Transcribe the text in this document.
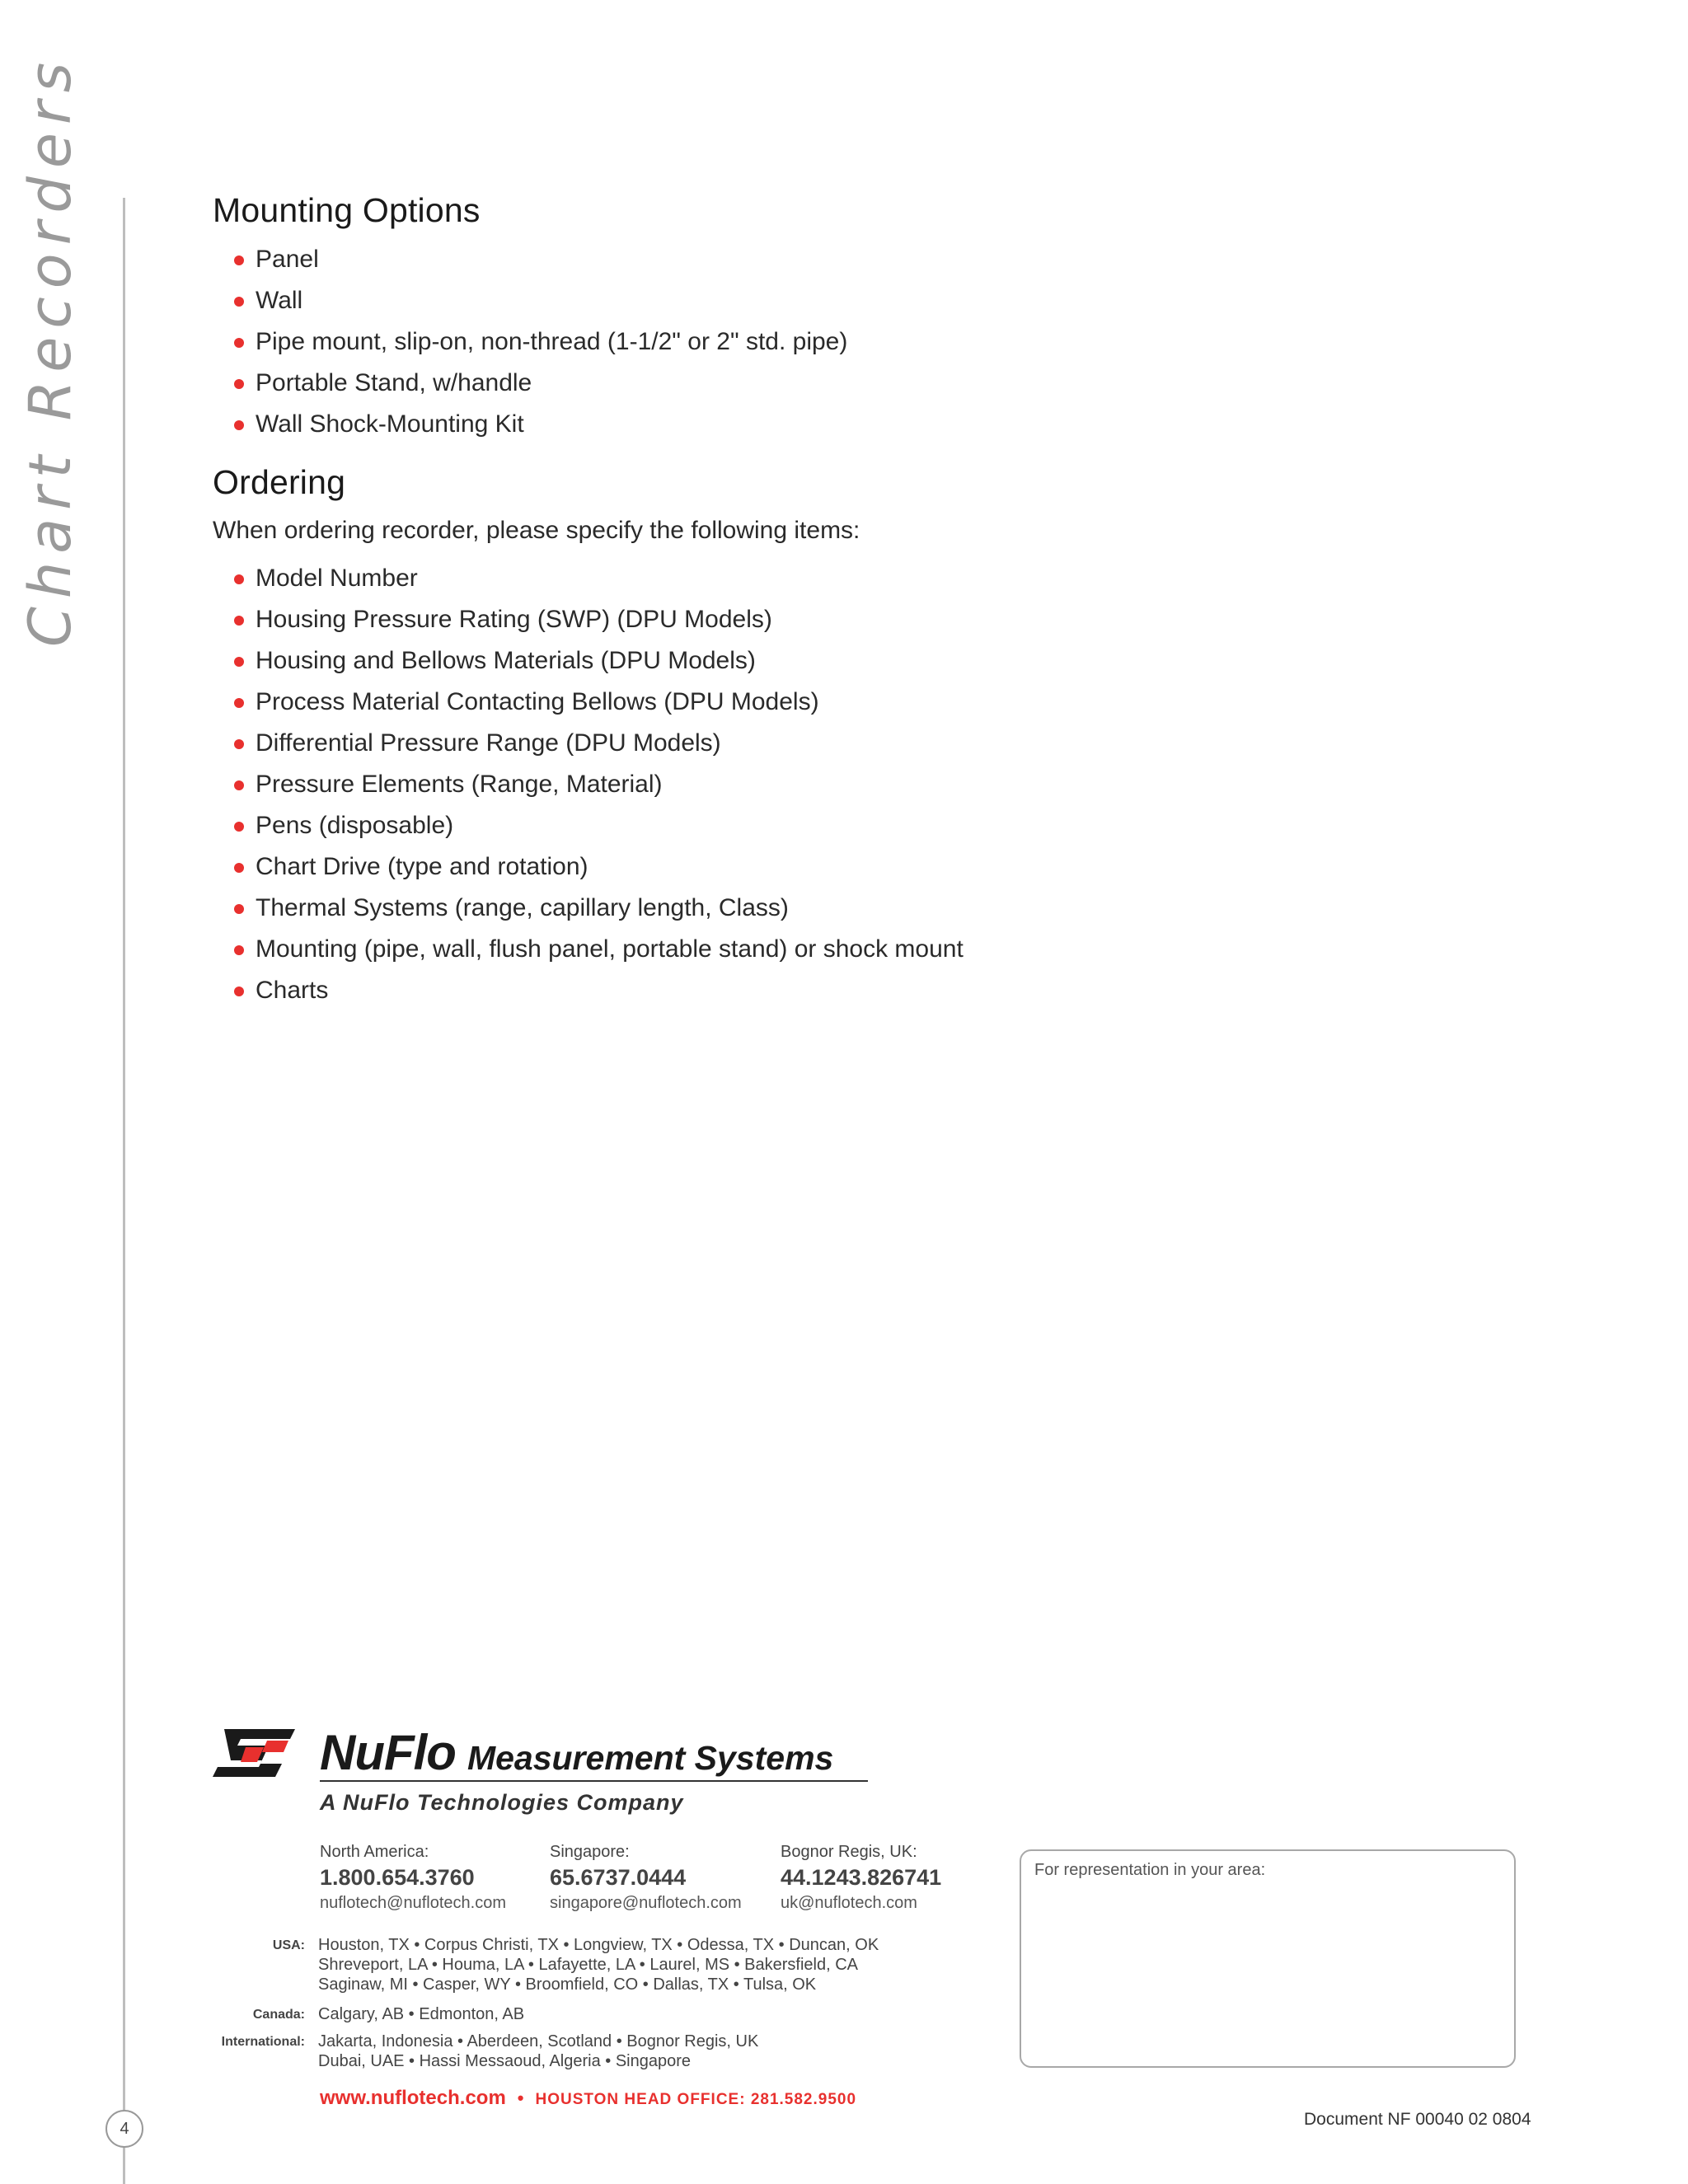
Chart Recorders
4
Mounting Options
Panel
Wall
Pipe mount, slip-on, non-thread (1-1/2" or 2" std. pipe)
Portable Stand, w/handle
Wall Shock-Mounting Kit
Ordering
When ordering recorder, please specify the following items:
Model Number
Housing Pressure Rating (SWP) (DPU Models)
Housing and Bellows Materials (DPU Models)
Process Material Contacting Bellows (DPU Models)
Differential Pressure Range (DPU Models)
Pressure Elements (Range, Material)
Pens (disposable)
Chart Drive (type and rotation)
Thermal Systems (range, capillary length, Class)
Mounting (pipe, wall, flush panel, portable stand) or shock mount
Charts
NuFlo Measurement Systems
A NuFlo Technologies Company
North America:
1.800.654.3760
nuflotech@nuflotech.com
Singapore:
65.6737.0444
singapore@nuflotech.com
Bognor Regis, UK:
44.1243.826741
uk@nuflotech.com
USA: Houston, TX • Corpus Christi, TX • Longview, TX • Odessa, TX • Duncan, OK
Shreveport, LA • Houma, LA • Lafayette, LA • Laurel, MS • Bakersfield, CA
Saginaw, MI • Casper, WY • Broomfield, CO • Dallas, TX • Tulsa, OK
Canada: Calgary, AB • Edmonton, AB
International: Jakarta, Indonesia • Aberdeen, Scotland • Bognor Regis, UK
Dubai, UAE • Hassi Messaoud, Algeria • Singapore
www.nuflotech.com • HOUSTON HEAD OFFICE: 281.582.9500
For representation in your area:
Document NF 00040 02 0804
